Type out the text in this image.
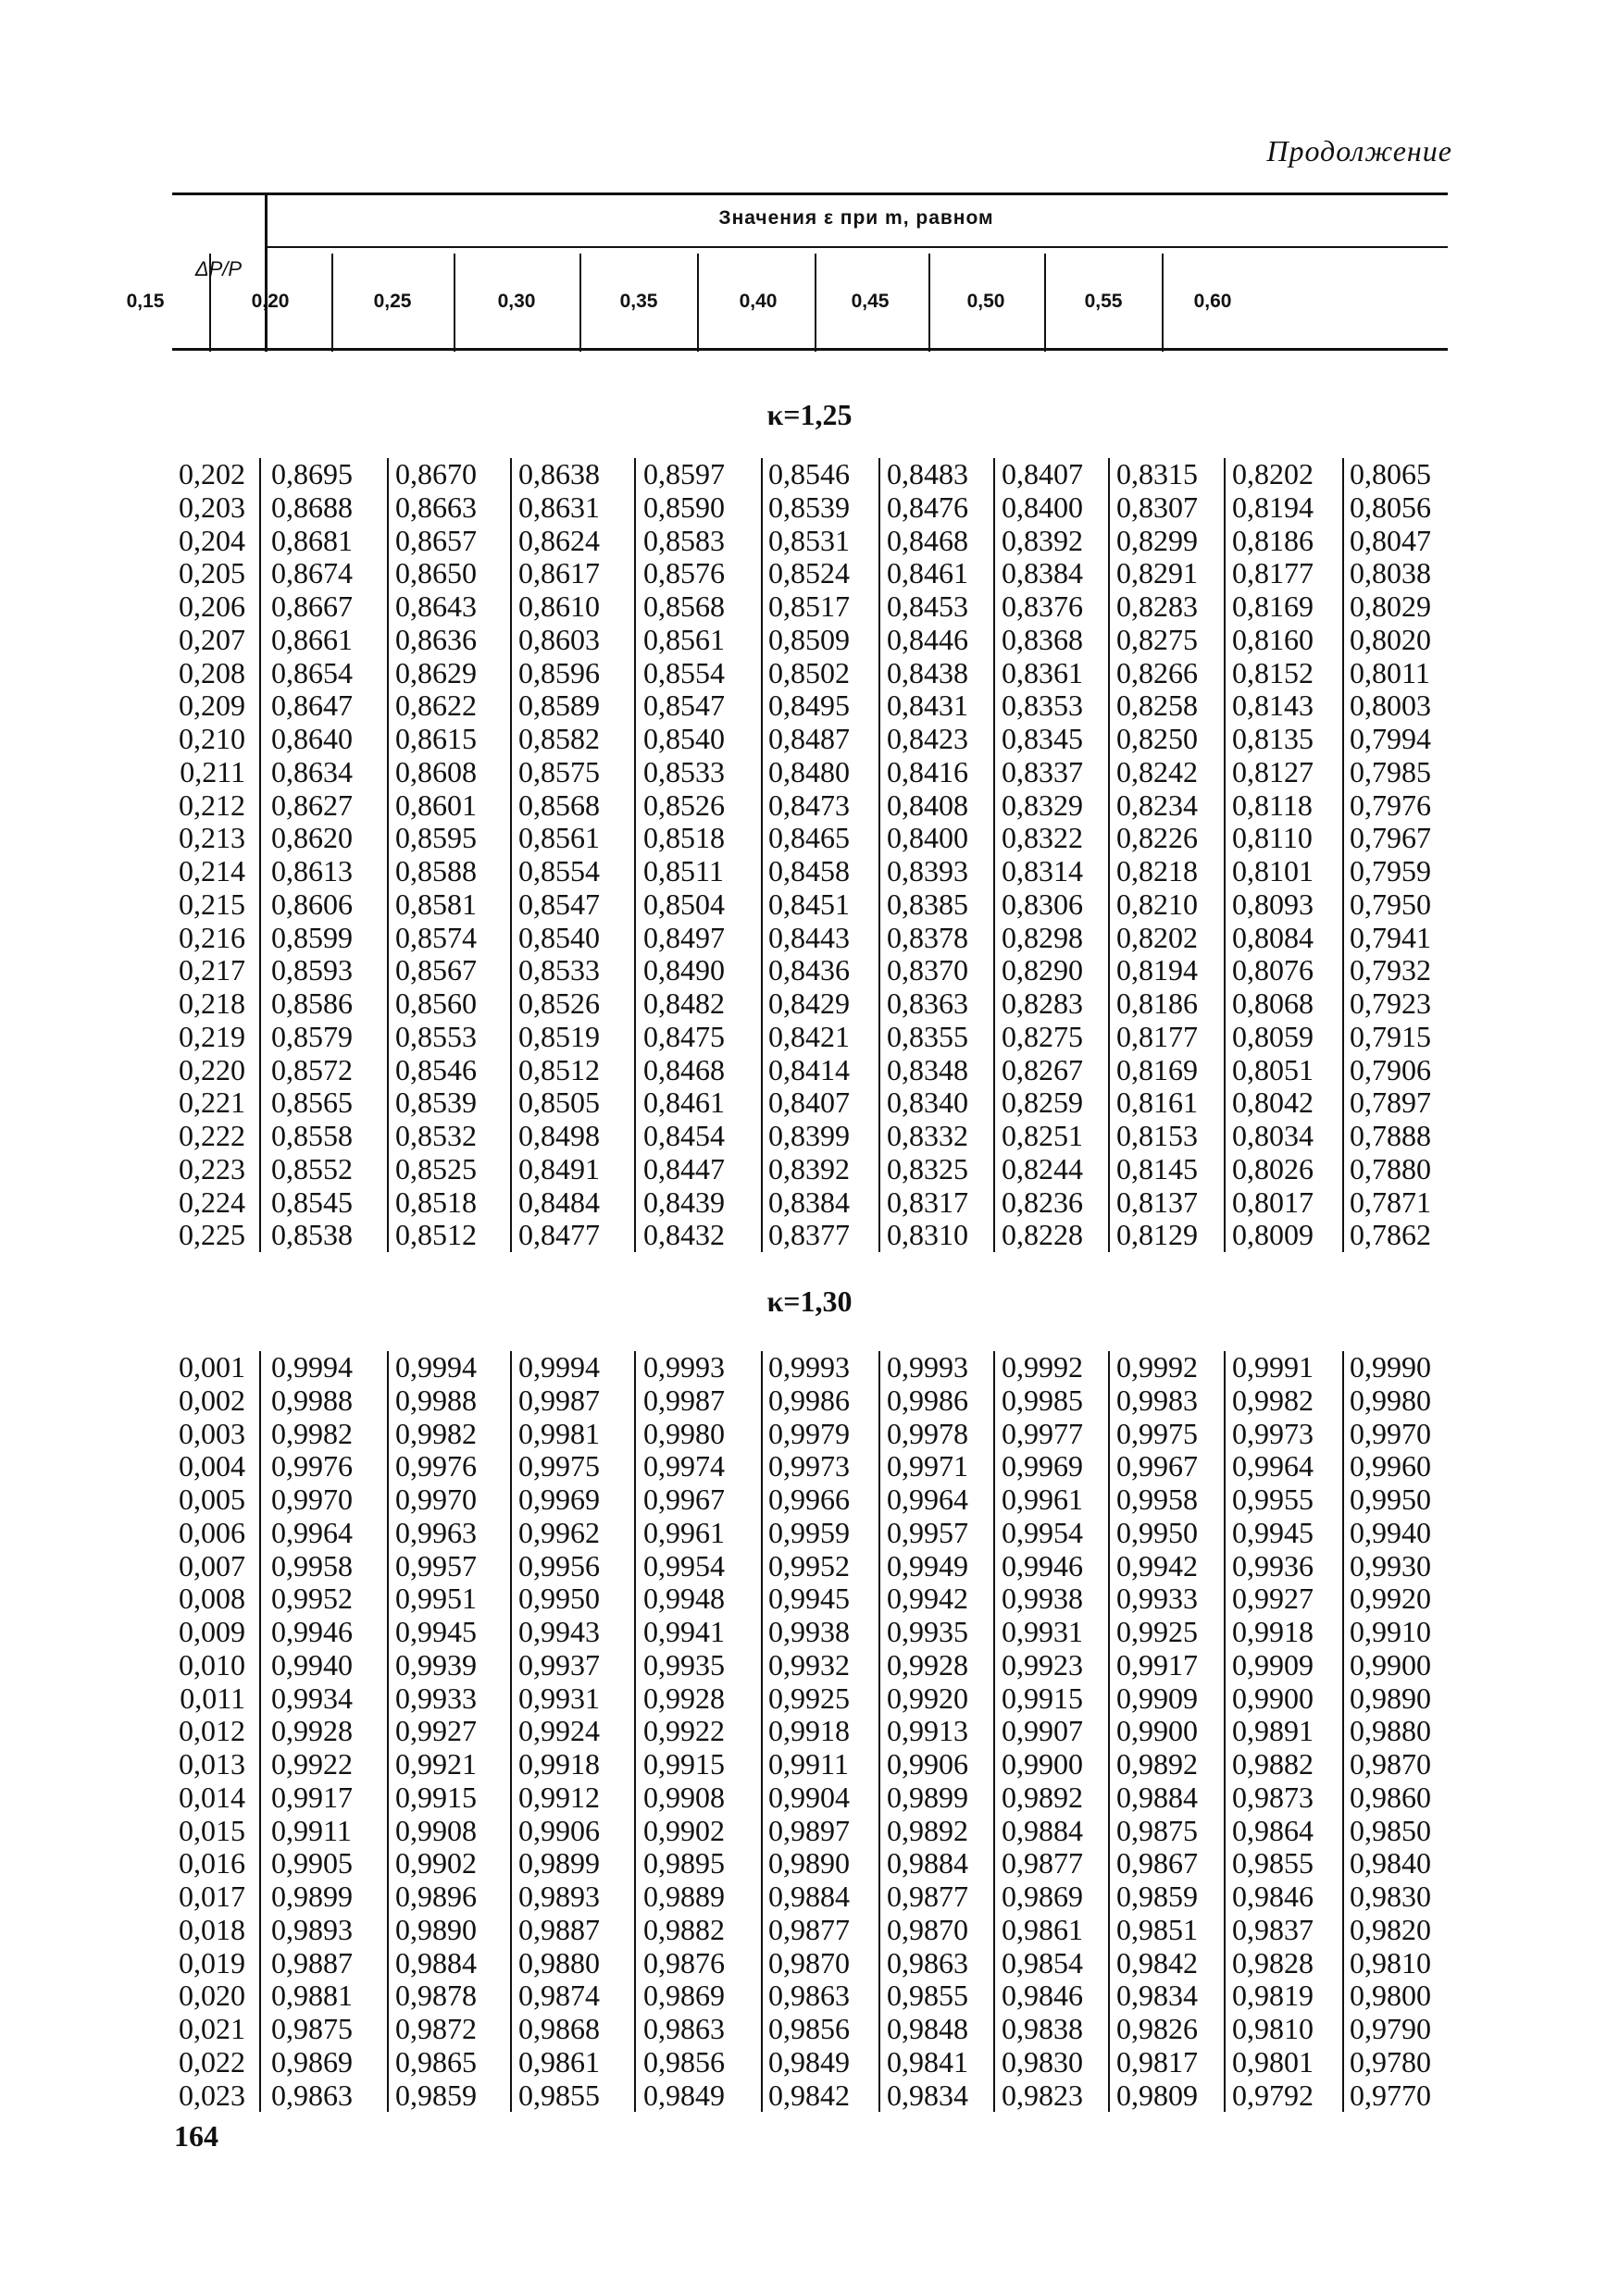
Продолжение
ΔP/P
Значения ε при m, равном
0,15	0,20	0,25	0,30	0,35	0,40	0,45	0,50	0,55	0,60
κ=1,25
0,202 0,8695 0,8670 0,8638 0,8597 0,8546 0,8483 0,8407 0,8315 0,8202 0,8065
0,203 0,8688 0,8663 0,8631 0,8590 0,8539 0,8476 0,8400 0,8307 0,8194 0,8056
0,204 0,8681 0,8657 0,8624 0,8583 0,8531 0,8468 0,8392 0,8299 0,8186 0,8047
0,205 0,8674 0,8650 0,8617 0,8576 0,8524 0,8461 0,8384 0,8291 0,8177 0,8038
0,206 0,8667 0,8643 0,8610 0,8568 0,8517 0,8453 0,8376 0,8283 0,8169 0,8029
0,207 0,8661 0,8636 0,8603 0,8561 0,8509 0,8446 0,8368 0,8275 0,8160 0,8020
0,208 0,8654 0,8629 0,8596 0,8554 0,8502 0,8438 0,8361 0,8266 0,8152 0,8011
0,209 0,8647 0,8622 0,8589 0,8547 0,8495 0,8431 0,8353 0,8258 0,8143 0,8003
0,210 0,8640 0,8615 0,8582 0,8540 0,8487 0,8423 0,8345 0,8250 0,8135 0,7994
0,211 0,8634 0,8608 0,8575 0,8533 0,8480 0,8416 0,8337 0,8242 0,8127 0,7985
0,212 0,8627 0,8601 0,8568 0,8526 0,8473 0,8408 0,8329 0,8234 0,8118 0,7976
0,213 0,8620 0,8595 0,8561 0,8518 0,8465 0,8400 0,8322 0,8226 0,8110 0,7967
0,214 0,8613 0,8588 0,8554 0,8511 0,8458 0,8393 0,8314 0,8218 0,8101 0,7959
0,215 0,8606 0,8581 0,8547 0,8504 0,8451 0,8385 0,8306 0,8210 0,8093 0,7950
0,216 0,8599 0,8574 0,8540 0,8497 0,8443 0,8378 0,8298 0,8202 0,8084 0,7941
0,217 0,8593 0,8567 0,8533 0,8490 0,8436 0,8370 0,8290 0,8194 0,8076 0,7932
0,218 0,8586 0,8560 0,8526 0,8482 0,8429 0,8363 0,8283 0,8186 0,8068 0,7923
0,219 0,8579 0,8553 0,8519 0,8475 0,8421 0,8355 0,8275 0,8177 0,8059 0,7915
0,220 0,8572 0,8546 0,8512 0,8468 0,8414 0,8348 0,8267 0,8169 0,8051 0,7906
0,221 0,8565 0,8539 0,8505 0,8461 0,8407 0,8340 0,8259 0,8161 0,8042 0,7897
0,222 0,8558 0,8532 0,8498 0,8454 0,8399 0,8332 0,8251 0,8153 0,8034 0,7888
0,223 0,8552 0,8525 0,8491 0,8447 0,8392 0,8325 0,8244 0,8145 0,8026 0,7880
0,224 0,8545 0,8518 0,8484 0,8439 0,8384 0,8317 0,8236 0,8137 0,8017 0,7871
0,225 0,8538 0,8512 0,8477 0,8432 0,8377 0,8310 0,8228 0,8129 0,8009 0,7862
κ=1,30
0,001 0,9994 0,9994 0,9994 0,9993 0,9993 0,9993 0,9992 0,9992 0,9991 0,9990
0,002 0,9988 0,9988 0,9987 0,9987 0,9986 0,9986 0,9985 0,9983 0,9982 0,9980
0,003 0,9982 0,9982 0,9981 0,9980 0,9979 0,9978 0,9977 0,9975 0,9973 0,9970
0,004 0,9976 0,9976 0,9975 0,9974 0,9973 0,9971 0,9969 0,9967 0,9964 0,9960
0,005 0,9970 0,9970 0,9969 0,9967 0,9966 0,9964 0,9961 0,9958 0,9955 0,9950
0,006 0,9964 0,9963 0,9962 0,9961 0,9959 0,9957 0,9954 0,9950 0,9945 0,9940
0,007 0,9958 0,9957 0,9956 0,9954 0,9952 0,9949 0,9946 0,9942 0,9936 0,9930
0,008 0,9952 0,9951 0,9950 0,9948 0,9945 0,9942 0,9938 0,9933 0,9927 0,9920
0,009 0,9946 0,9945 0,9943 0,9941 0,9938 0,9935 0,9931 0,9925 0,9918 0,9910
0,010 0,9940 0,9939 0,9937 0,9935 0,9932 0,9928 0,9923 0,9917 0,9909 0,9900
0,011 0,9934 0,9933 0,9931 0,9928 0,9925 0,9920 0,9915 0,9909 0,9900 0,9890
0,012 0,9928 0,9927 0,9924 0,9922 0,9918 0,9913 0,9907 0,9900 0,9891 0,9880
0,013 0,9922 0,9921 0,9918 0,9915 0,9911 0,9906 0,9900 0,9892 0,9882 0,9870
0,014 0,9917 0,9915 0,9912 0,9908 0,9904 0,9899 0,9892 0,9884 0,9873 0,9860
0,015 0,9911 0,9908 0,9906 0,9902 0,9897 0,9892 0,9884 0,9875 0,9864 0,9850
0,016 0,9905 0,9902 0,9899 0,9895 0,9890 0,9884 0,9877 0,9867 0,9855 0,9840
0,017 0,9899 0,9896 0,9893 0,9889 0,9884 0,9877 0,9869 0,9859 0,9846 0,9830
0,018 0,9893 0,9890 0,9887 0,9882 0,9877 0,9870 0,9861 0,9851 0,9837 0,9820
0,019 0,9887 0,9884 0,9880 0,9876 0,9870 0,9863 0,9854 0,9842 0,9828 0,9810
0,020 0,9881 0,9878 0,9874 0,9869 0,9863 0,9855 0,9846 0,9834 0,9819 0,9800
0,021 0,9875 0,9872 0,9868 0,9863 0,9856 0,9848 0,9838 0,9826 0,9810 0,9790
0,022 0,9869 0,9865 0,9861 0,9856 0,9849 0,9841 0,9830 0,9817 0,9801 0,9780
0,023 0,9863 0,9859 0,9855 0,9849 0,9842 0,9834 0,9823 0,9809 0,9792 0,9770
164
